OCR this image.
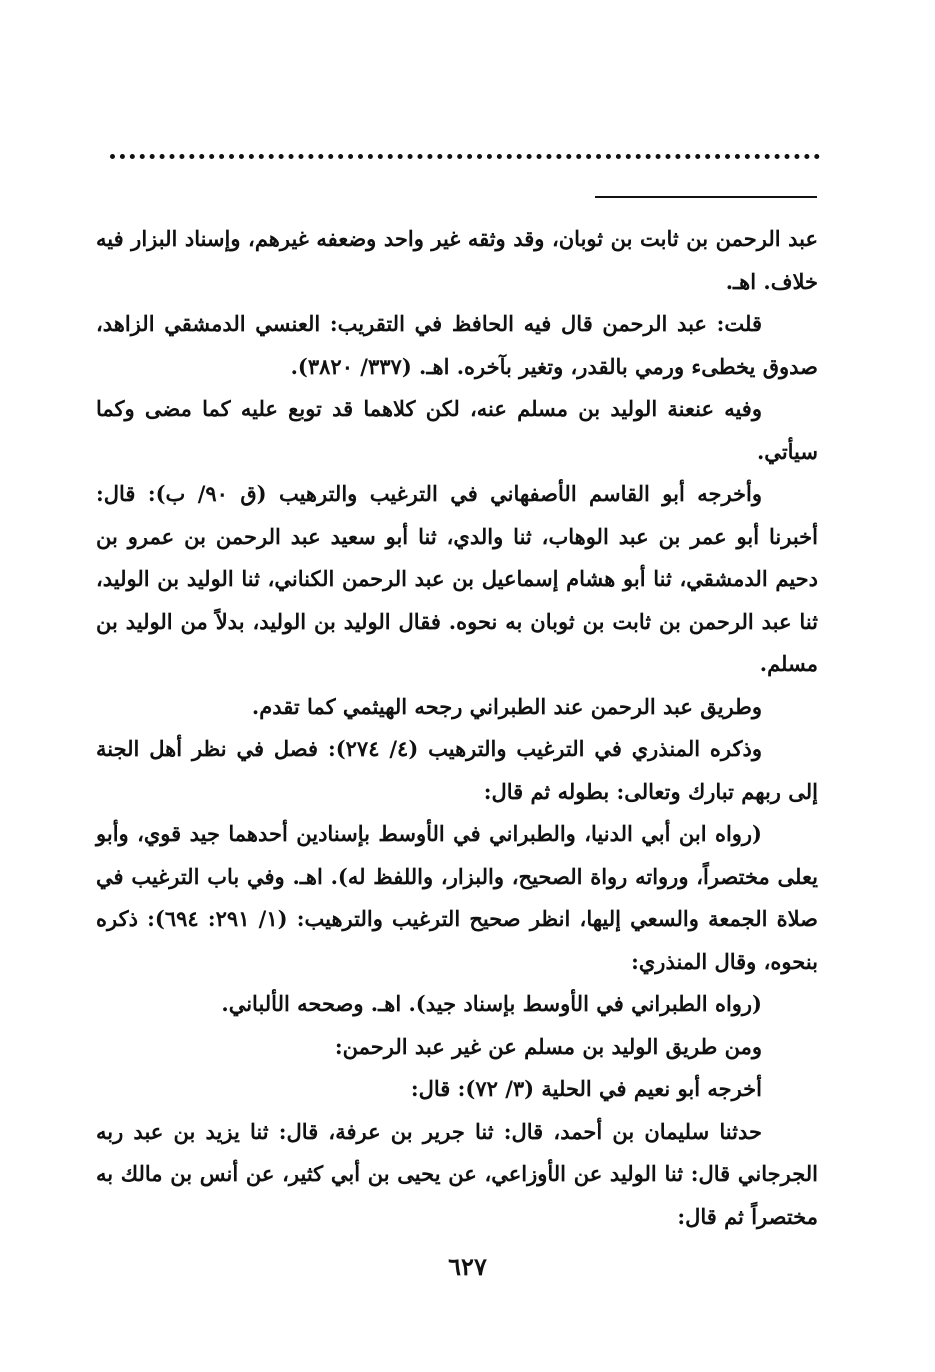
عبد الرحمن بن ثابت بن ثوبان، وقد وثقه غير واحد وضعفه غيرهم، وإسناد البزار فيه خلاف. اهـ.

قلت: عبد الرحمن قال فيه الحافظ في التقريب: العنسي الدمشقي الزاهد، صدوق يخطىء ورمي بالقدر، وتغير بآخره. اهـ. (٣٣٧/ ٣٨٢٠).

وفيه عنعنة الوليد بن مسلم عنه، لكن كلاهما قد توبع عليه كما مضى وكما سيأتي.

وأخرجه أبو القاسم الأصفهاني في الترغيب والترهيب (ق ٩٠/ ب): قال: أخبرنا أبو عمر بن عبد الوهاب، ثنا والدي، ثنا أبو سعيد عبد الرحمن بن عمرو بن دحيم الدمشقي، ثنا أبو هشام إسماعيل بن عبد الرحمن الكناني، ثنا الوليد بن الوليد، ثنا عبد الرحمن بن ثابت بن ثوبان به نحوه. فقال الوليد بن الوليد، بدلاً من الوليد بن مسلم.

وطريق عبد الرحمن عند الطبراني رجحه الهيثمي كما تقدم.

وذكره المنذري في الترغيب والترهيب (٤/ ٢٧٤): فصل في نظر أهل الجنة إلى ربهم تبارك وتعالى: بطوله ثم قال:

(رواه ابن أبي الدنيا، والطبراني في الأوسط بإسنادين أحدهما جيد قوي، وأبو يعلى مختصراً، ورواته رواة الصحيح، والبزار، واللفظ له). اهـ. وفي باب الترغيب في صلاة الجمعة والسعي إليها، انظر صحيح الترغيب والترهيب: (١/ ٢٩١: ٦٩٤): ذكره بنحوه، وقال المنذري:

(رواه الطبراني في الأوسط بإسناد جيد). اهـ. وصححه الألباني.

ومن طريق الوليد بن مسلم عن غير عبد الرحمن:

أخرجه أبو نعيم في الحلية (٣/ ٧٢): قال:

حدثنا سليمان بن أحمد، قال: ثنا جرير بن عرفة، قال: ثنا يزيد بن عبد ربه الجرجاني قال: ثنا الوليد عن الأوزاعي، عن يحيى بن أبي كثير، عن أنس بن مالك به مختصراً ثم قال:

٦٢٧
